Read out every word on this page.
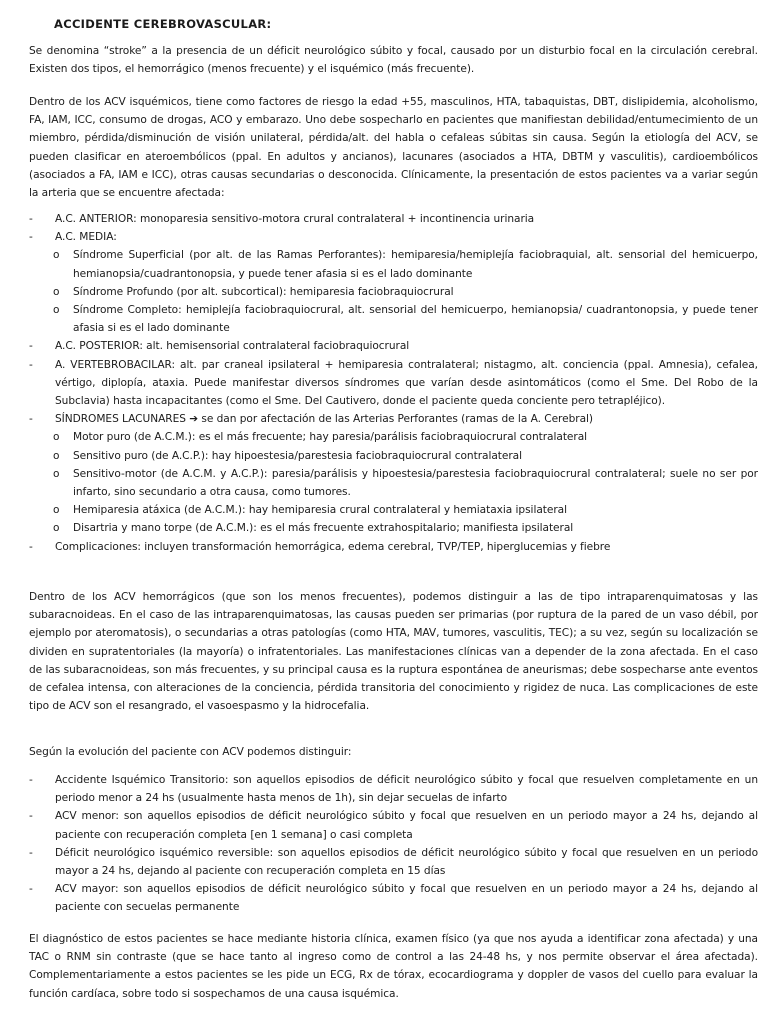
ACCIDENTE CEREBROVASCULAR:

Se denomina “stroke” a la presencia de un déficit neurológico súbito y focal, causado por un disturbio focal en la circulación cerebral. Existen dos tipos, el hemorrágico (menos frecuente) y el isquémico (más frecuente).

Dentro de los ACV isquémicos, tiene como factores de riesgo la edad +55, masculinos, HTA, tabaquistas, DBT, dislipidemia, alcoholismo, FA, IAM, ICC, consumo de drogas, ACO y embarazo. Uno debe sospecharlo en pacientes que manifiestan debilidad/entumecimiento de un miembro, pérdida/disminución de visión unilateral, pérdida/alt. del habla o cefaleas súbitas sin causa. Según la etiología del ACV, se pueden clasificar en ateroembólicos (ppal. En adultos y ancianos), lacunares (asociados a HTA, DBTM y vasculitis), cardioembólicos (asociados a FA, IAM e ICC), otras causas secundarias o desconocida. Clínicamente, la presentación de estos pacientes va a variar según la arteria que se encuentre afectada:

-	A.C. ANTERIOR: monoparesia sensitivo-motora crural contralateral + incontinencia urinaria
-	A.C. MEDIA:
o	Síndrome Superficial (por alt. de las Ramas Perforantes): hemiparesia/hemiplejía faciobraquial, alt. sensorial del hemicuerpo, hemianopsia/cuadrantonopsia, y puede tener afasia si es el lado dominante
o	Síndrome Profundo (por alt. subcortical): hemiparesia faciobraquiocrural
o	Síndrome Completo: hemiplejía faciobraquiocrural, alt. sensorial del hemicuerpo, hemianopsia/ cuadrantonopsia, y puede tener afasia si es el lado dominante
-	A.C. POSTERIOR: alt. hemisensorial contralateral faciobraquiocrural
-	A. VERTEBROBACILAR: alt. par craneal ipsilateral + hemiparesia contralateral; nistagmo, alt. conciencia (ppal. Amnesia), cefalea, vértigo, diplopía, ataxia. Puede manifestar diversos síndromes que varían desde asintomáticos (como el Sme. Del Robo de la Subclavia) hasta incapacitantes (como el Sme. Del Cautivero, donde el paciente queda conciente pero tetrapléjico).
-	SÍNDROMES LACUNARES ➔ se dan por afectación de las Arterias Perforantes (ramas de la A. Cerebral)
o	Motor puro (de A.C.M.): es el más frecuente; hay paresia/parálisis faciobraquiocrural contralateral
o	Sensitivo puro (de A.C.P.): hay hipoestesia/parestesia faciobraquiocrural contralateral
o	Sensitivo-motor (de A.C.M. y A.C.P.): paresia/parálisis y hipoestesia/parestesia faciobraquiocrural contralateral; suele no ser por infarto, sino secundario a otra causa, como tumores.
o	Hemiparesia atáxica (de A.C.M.): hay hemiparesia crural contralateral y hemiataxia ipsilateral
o	Disartria y mano torpe (de A.C.M.): es el más frecuente extrahospitalario; manifiesta ipsilateral
-	Complicaciones: incluyen transformación hemorrágica, edema cerebral, TVP/TEP, hiperglucemias y fiebre

Dentro de los ACV hemorrágicos (que son los menos frecuentes), podemos distinguir a las de tipo intraparenquimatosas y las subaracnoideas. En el caso de las intraparenquimatosas, las causas pueden ser primarias (por ruptura de la pared de un vaso débil, por ejemplo por ateromatosis), o secundarias a otras patologías (como HTA, MAV, tumores, vasculitis, TEC); a su vez, según su localización se dividen en supratentoriales (la mayoría) o infratentoriales. Las manifestaciones clínicas van a depender de la zona afectada. En el caso de las subaracnoideas, son más frecuentes, y su principal causa es la ruptura espontánea de aneurismas; debe sospecharse ante eventos de cefalea intensa, con alteraciones de la conciencia, pérdida transitoria del conocimiento y rigidez de nuca. Las complicaciones de este tipo de ACV son el resangrado, el vasoespasmo y la hidrocefalia.

Según la evolución del paciente con ACV podemos distinguir:

-	Accidente Isquémico Transitorio: son aquellos episodios de déficit neurológico súbito y focal que resuelven completamente en un periodo menor a 24 hs (usualmente hasta menos de 1h), sin dejar secuelas de infarto
-	ACV menor: son aquellos episodios de déficit neurológico súbito y focal que resuelven en un periodo mayor a 24 hs, dejando al paciente con recuperación completa [en 1 semana] o casi completa
-	Déficit neurológico isquémico reversible: son aquellos episodios de déficit neurológico súbito y focal que resuelven en un periodo mayor a 24 hs, dejando al paciente con recuperación completa en 15 días
-	ACV mayor: son aquellos episodios de déficit neurológico súbito y focal que resuelven en un periodo mayor a 24 hs, dejando al paciente con secuelas permanente

El diagnóstico de estos pacientes se hace mediante historia clínica, examen físico (ya que nos ayuda a identificar zona afectada) y una TAC o RNM sin contraste (que se hace tanto al ingreso como de control a las 24-48 hs, y nos permite observar el área afectada). Complementariamente a estos pacientes se les pide un ECG, Rx de tórax, ecocardiograma y doppler de vasos del cuello para evaluar la función cardíaca, sobre todo si sospechamos de una causa isquémica.
